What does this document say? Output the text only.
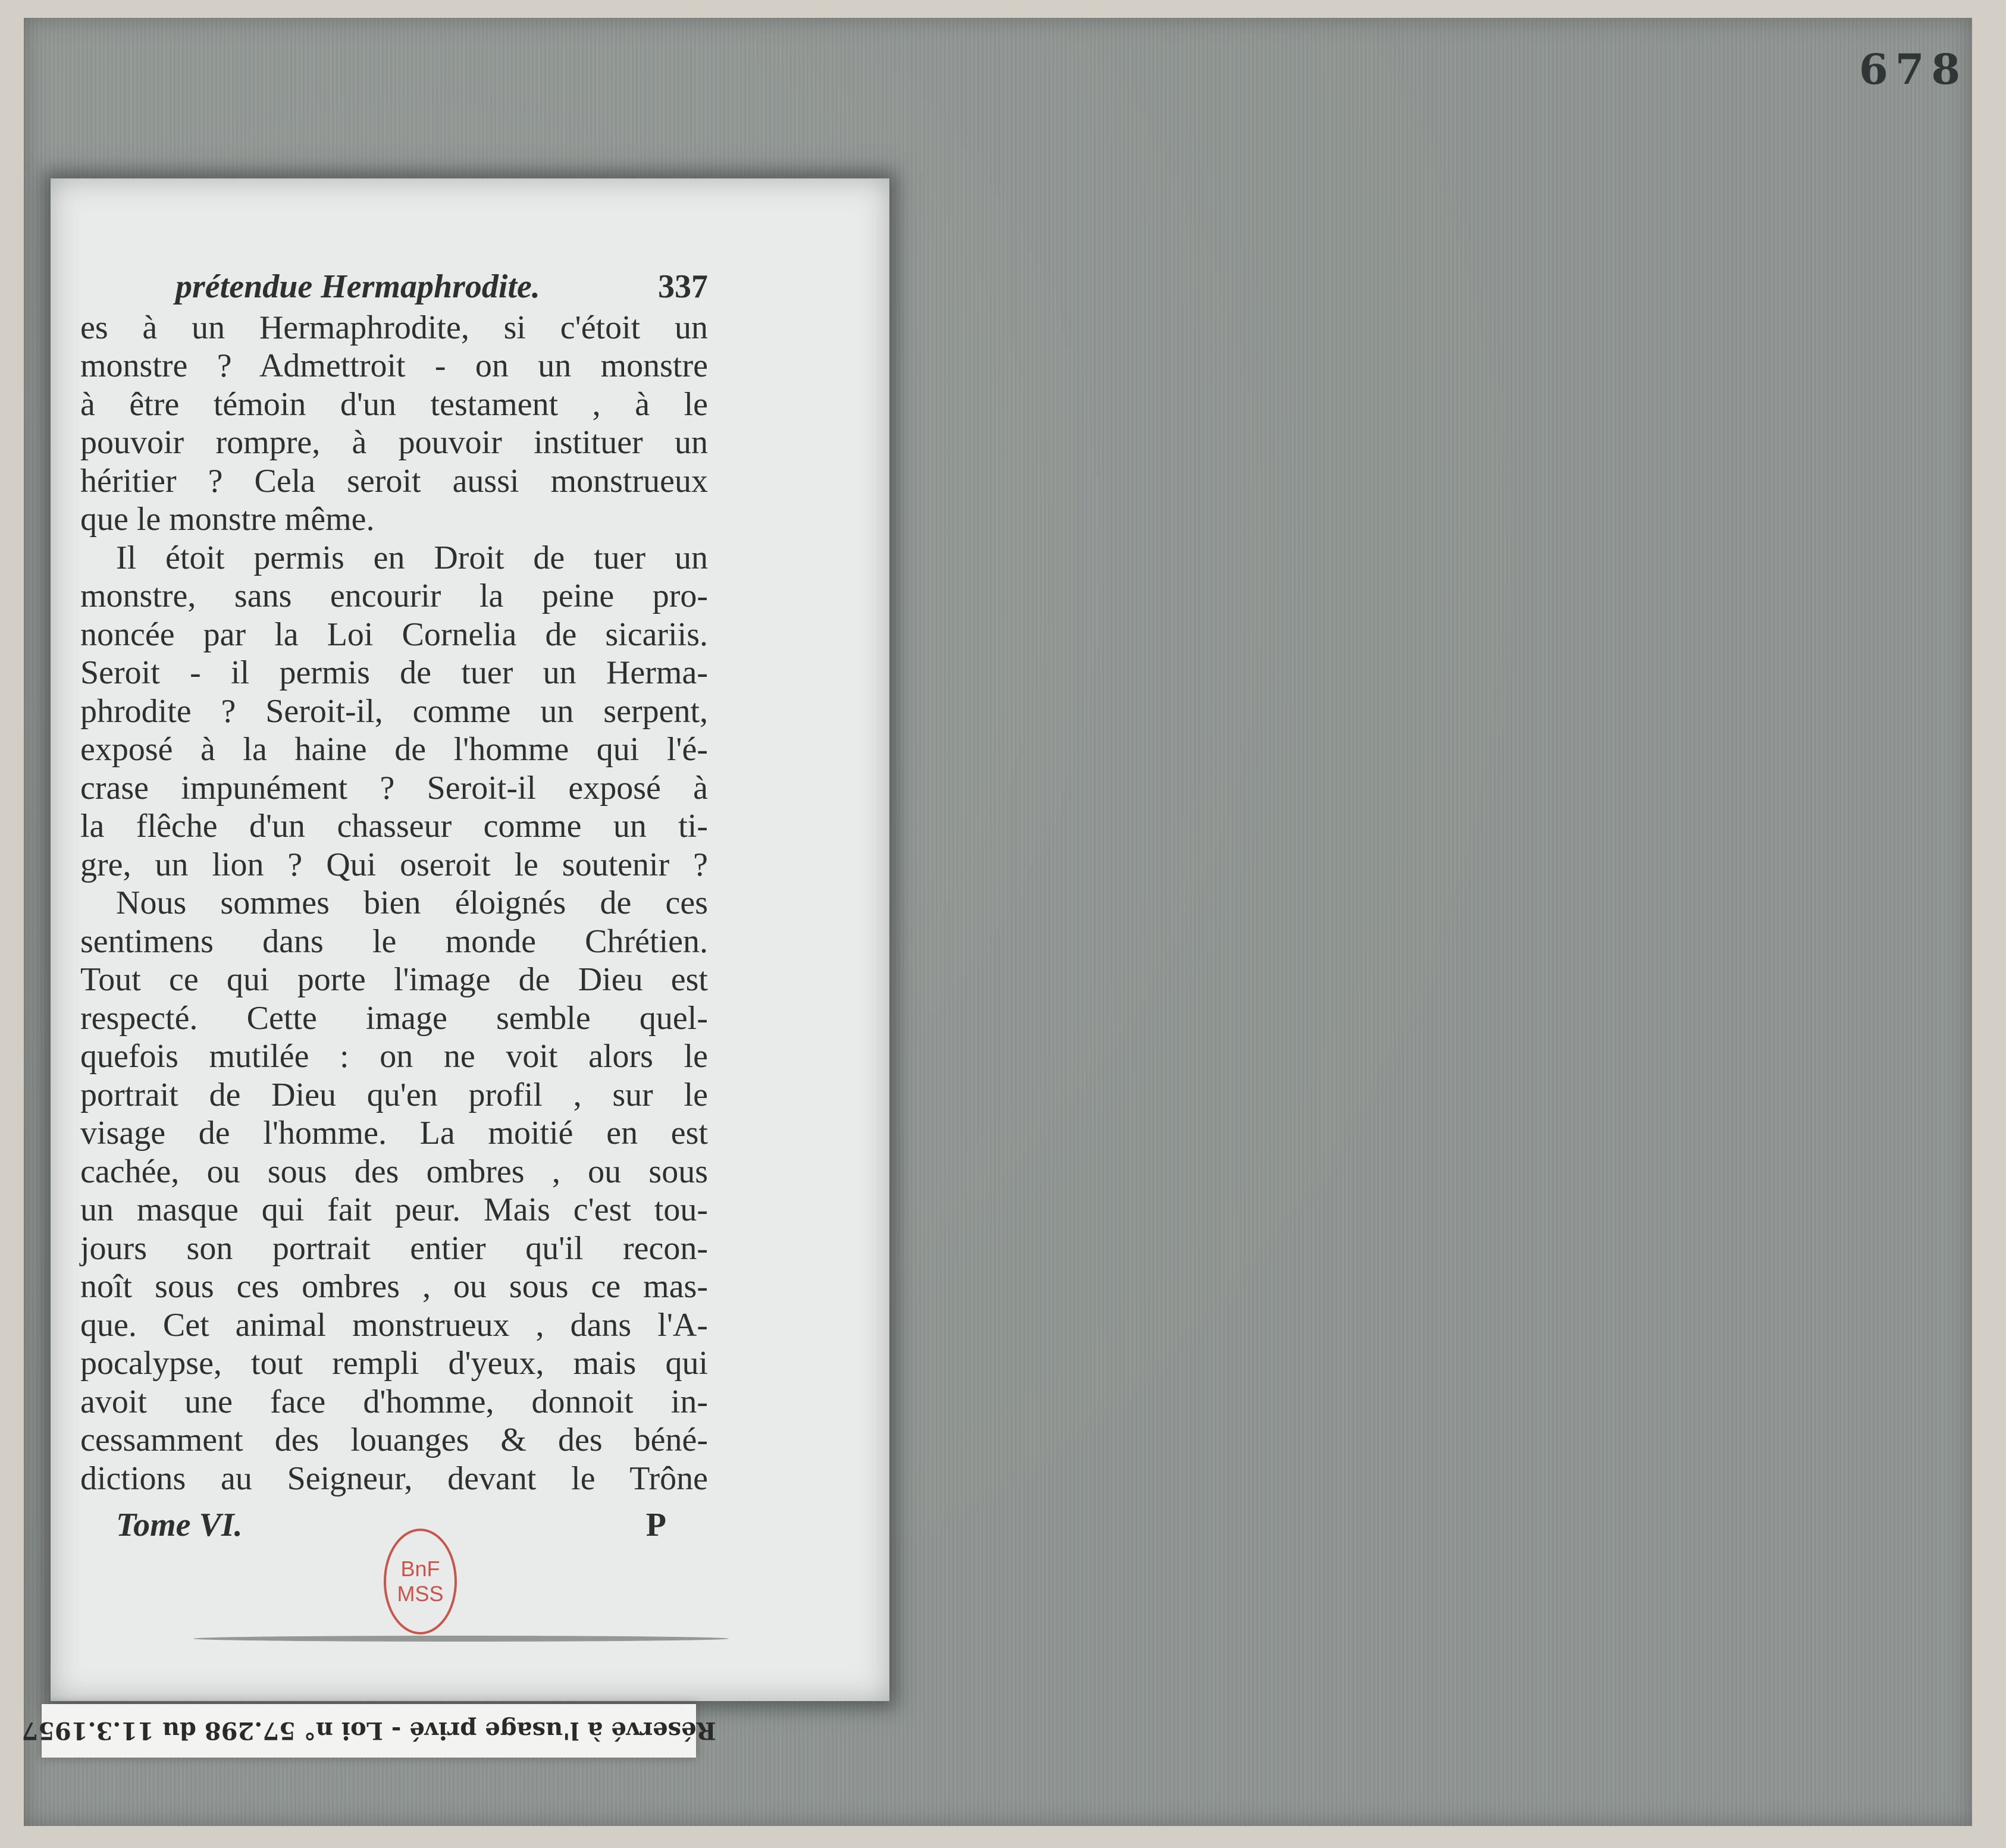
678
prétendue Hermaphrodite.	337
es à un Hermaphrodite, si c'étoit un
monstre ? Admettroit - on un monstre
à être témoin d'un testament , à le
pouvoir rompre, à pouvoir instituer un
héritier ? Cela seroit aussi monstrueux
que le monstre même.
Il étoit permis en Droit de tuer un
monstre, sans encourir la peine pro-
noncée par la Loi Cornelia de sicariis.
Seroit - il permis de tuer un Herma-
phrodite ? Seroit-il, comme un serpent,
exposé à la haine de l'homme qui l'é-
crase impunément ? Seroit-il exposé à
la flêche d'un chasseur comme un ti-
gre, un lion ? Qui oseroit le soutenir ?
Nous sommes bien éloignés de ces
sentimens dans le monde Chrétien.
Tout ce qui porte l'image de Dieu est
respecté. Cette image semble quel-
quefois mutilée : on ne voit alors le
portrait de Dieu qu'en profil , sur le
visage de l'homme. La moitié en est
cachée, ou sous des ombres , ou sous
un masque qui fait peur. Mais c'est tou-
jours son portrait entier qu'il recon-
noît sous ces ombres , ou sous ce mas-
que. Cet animal monstrueux , dans l'A-
pocalypse, tout rempli d'yeux, mais qui
avoit une face d'homme, donnoit in-
cessamment des louanges & des béné-
dictions au Seigneur, devant le Trône
Tome VI.	P
BnF
MSS
Réservé à l'usage privé - Loi n° 57.298 du 11.3.1957
